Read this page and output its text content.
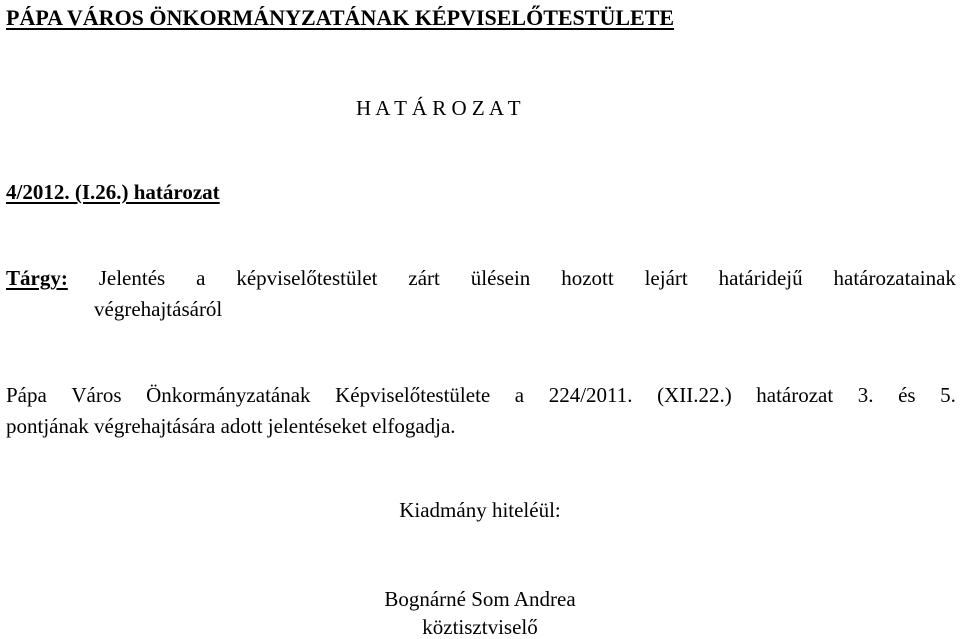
PÁPA VÁROS ÖNKORMÁNYZATÁNAK KÉPVISELŐTESTÜLETE
H A T Á R O Z A T
4/2012. (I.26.) határozat
Tárgy: Jelentés a képviselőtestület zárt ülésein hozott lejárt határidejű határozatainak
végrehajtásáról
Pápa Város Önkormányzatának Képviselőtestülete a 224/2011. (XII.22.) határozat 3. és 5.
pontjának végrehajtására adott jelentéseket elfogadja.
Kiadmány hiteléül:
Bognárné Som Andrea
köztisztviselő
